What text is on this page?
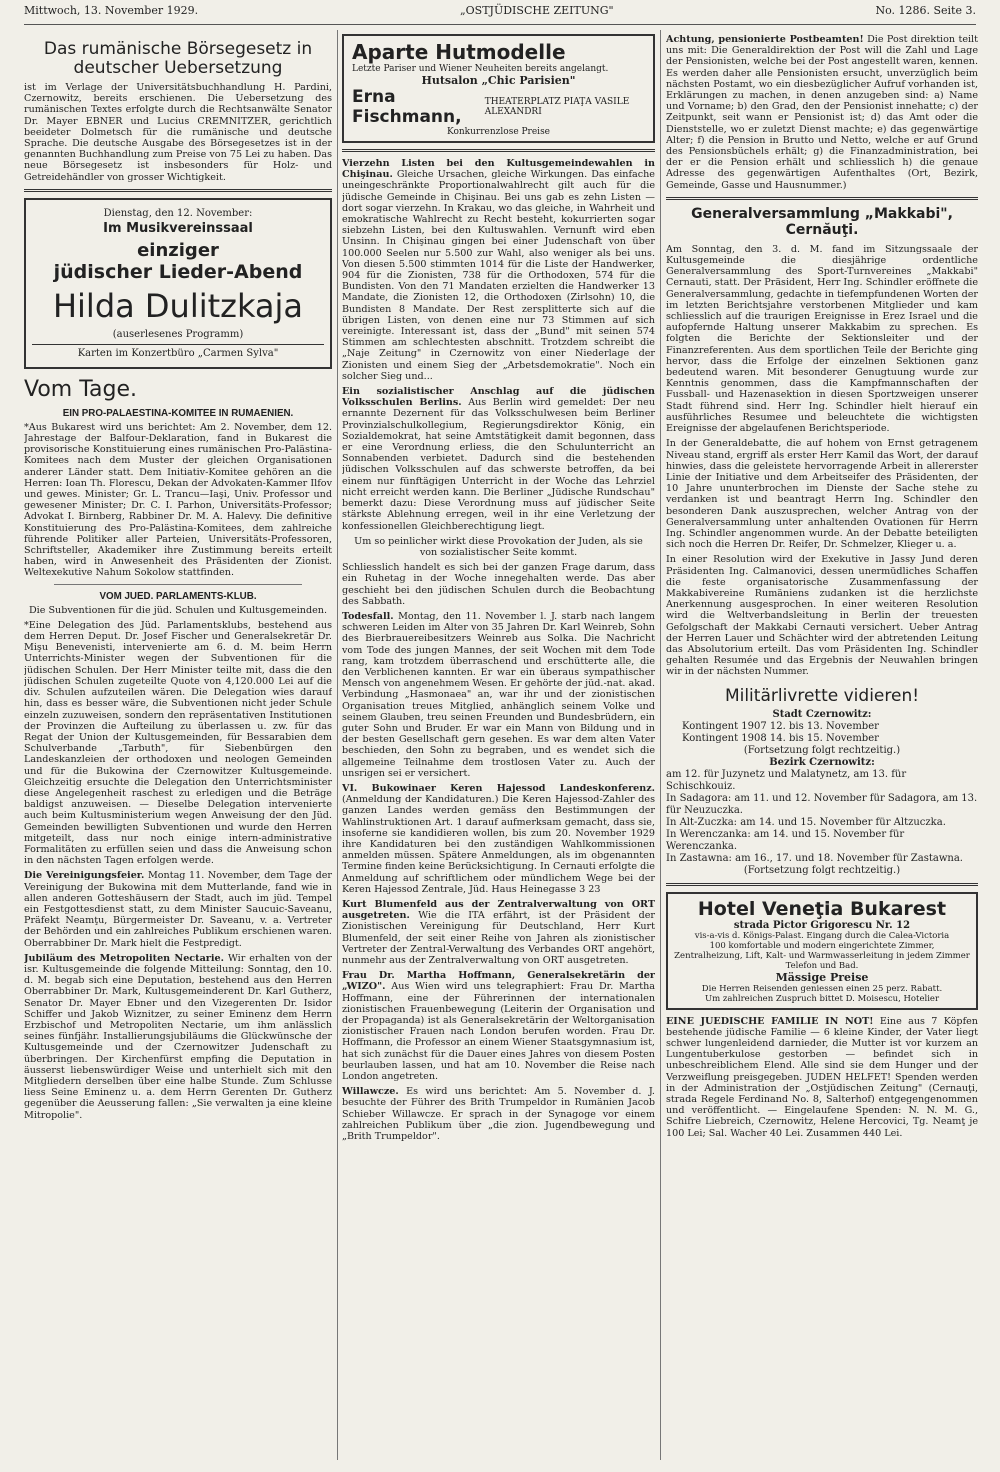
Mittwoch, 13. November 1929.	„OSTJÜDISCHE ZEITUNG"	No. 1286. Seite 3.
Das rumänische Börsegesetz in deutscher Uebersetzung

ist im Verlage der Universitätsbuchhandlung H. Pardini, Czernowitz, bereits erschienen. Die Uebersetzung des rumänischen Textes erfolgte durch die Rechtsanwälte Senator Dr. Mayer EBNER und Lucius CREMNITZER, gerichtlich beeideter Dolmetsch für die rumänische und deutsche Sprache. Die deutsche Ausgabe des Börsegesetzes ist in der genannten Buchhandlung zum Preise von 75 Lei zu haben. Das neue Börsegesetz ist insbesonders für Holz- und Getreidehändler von grosser Wichtigkeit.

Dienstag, den 12. November:
Im Musikvereinssaal
einziger
jüdischer Lieder-Abend
Hilda Dulitzkaja
(auserlesenes Programm)
Karten im Konzertbüro „Carmen Sylva"
Vom Tage.
EIN PRO-PALAESTINA-KOMITEE IN RUMAENIEN.

*Aus Bukarest wird uns berichtet: Am 2. November, dem 12. Jahrestage der Balfour-Deklaration, fand in Bukarest die provisorische Konstituierung eines rumänischen Pro-Palästina-Komitees nach dem Muster der gleichen Organisationen anderer Länder statt. Dem Initiativ-Komitee gehören an die Herren: Ioan Th. Florescu, Dekan der Advokaten-Kammer Ilfov und gewes. Minister; Gr. L. Trancu—Iaşi, Univ. Professor und gewesener Minister; Dr. C. I. Parhon, Universitäts-Professor; Advokat I. Birnberg, Rabbiner Dr. M. A. Halevy. Die definitive Konstituierung des Pro-Palästina-Komitees, dem zahlreiche führende Politiker aller Parteien, Universitäts-Professoren, Schriftsteller, Akademiker ihre Zustimmung bereits erteilt haben, wird in Anwesenheit des Präsidenten der Zionist. Weltexekutive Nahum Sokolow stattfinden.

VOM JUED. PARLAMENTS-KLUB.
Die Subventionen für die jüd. Schulen und Kultusgemeinden.

*Eine Delegation des Jüd. Parlamentsklubs, bestehend aus dem Herren Deput. Dr. Josef Fischer und Generalsekretär Dr. Mişu Benevenisti, intervenierte am 6. d. M. beim Herrn Unterrichts-Minister wegen der Subventionen für die jüdischen Schulen. Der Herr Minister teilte mit, dass die den jüdischen Schulen zugeteilte Quote von 4,120.000 Lei auf die div. Schulen aufzuteilen wären. Die Delegation wies darauf hin, dass es besser wäre, die Subventionen nicht jeder Schule einzeln zuzuweisen, sondern den repräsentativen Institutionen der Provinzen die Aufteilung zu überlassen u. zw. für das Regat der Union der Kultusgemeinden, für Bessarabien dem Schulverbande „Tarbuth", für Siebenbürgen den Landeskanzleien der orthodoxen und neologen Gemeinden und für die Bukowina der Czernowitzer Kultusgemeinde. Gleichzeitig ersuchte die Delegation den Unterrichtsminister diese Angelegenheit raschest zu erledigen und die Beträge baldigst anzuweisen. — Dieselbe Delegation intervenierte auch beim Kultusministerium wegen Anweisung der den Jüd. Gemeinden bewilligten Subventionen und wurde den Herren mitgeteilt, dass nur noch einige intern-administrative Formalitäten zu erfüllen seien und dass die Anweisung schon in den nächsten Tagen erfolgen werde.

Die Vereinigungsfeier. Montag 11. November, dem Tage der Vereinigung der Bukowina mit dem Mutterlande, fand wie in allen anderen Gotteshäusern der Stadt, auch im jüd. Tempel ein Festgottesdienst statt, zu dem Minister Saucuic-Saveanu, Präfekt Neamţu, Bürgermeister Dr. Saveanu, v. a. Vertreter der Behörden und ein zahlreiches Publikum erschienen waren. Oberrabbiner Dr. Mark hielt die Festpredigt.

Jubiläum des Metropoliten Nectarie. Wir erhalten von der isr. Kultusgemeinde die folgende Mitteilung: Sonntag, den 10. d. M. begab sich eine Deputation, bestehend aus den Herren Oberrabbiner Dr. Mark, Kultusgemeinderent Dr. Karl Gutherz, Senator Dr. Mayer Ebner und den Vizegerenten Dr. Isidor Schiffer und Jakob Wiznitzer, zu seiner Eminenz dem Herrn Erzbischof und Metropoliten Nectarie, um ihm anlässlich seines fünfjähr. Installierungsjubiläums die Glückwünsche der Kultusgemeinde und der Czernowitzer Judenschaft zu überbringen. Der Kirchenfürst empfing die Deputation in äusserst liebenswürdiger Weise und unterhielt sich mit den Mitgliedern derselben über eine halbe Stunde. Zum Schlusse liess Seine Eminenz u. a. dem Herrn Gerenten Dr. Gutherz gegenüber die Aeusserung fallen: „Sie verwalten ja eine kleine Mitropolie".

Aparte Hutmodelle
Letzte Pariser und Wiener Neuheiten bereits angelangt.
Hutsalon „Chic Parisien"
Erna Fischmann,
THEATERPLATZ PIAŢA VASILE ALEXANDRI
Konkurrenzlose Preise

Vierzehn Listen bei den Kultusgemeindewahlen in Chişinau. Gleiche Ursachen, gleiche Wirkungen. Das einfache uneingeschränkte Proportionalwahlrecht gilt auch für die jüdische Gemeinde in Chişinau. Bei uns gab es zehn Listen — dort sogar vierzehn. In Krakau, wo das gleiche, in Wahrheit und emokratische Wahlrecht zu Recht besteht, kokurrierten sogar siebzehn Listen, bei den Kultuswahlen. Vernunft wird eben Unsinn. In Chişinau gingen bei einer Judenschaft von über 100.000 Seelen nur 5.500 zur Wahl, also weniger als bei uns. Von diesen 5.500 stimmten 1014 für die Liste der Handwerker, 904 für die Zionisten, 738 für die Orthodoxen, 574 für die Bundisten. Von den 71 Mandaten erzielten die Handwerker 13 Mandate, die Zionisten 12, die Orthodoxen (Zirlsohn) 10, die Bundisten 8 Mandate. Der Rest zersplitterte sich auf die übrigen Listen, von denen eine nur 73 Stimmen auf sich vereinigte. Interessant ist, dass der „Bund" mit seinen 574 Stimmen am schlechtesten abschnitt. Trotzdem schreibt die „Naje Zeitung" in Czernowitz von einer Niederlage der Zionisten und einem Sieg der „Arbetsdemokratie". Noch ein solcher Sieg und...

Ein sozialistischer Anschlag auf die jüdischen Volksschulen Berlins. Aus Berlin wird gemeldet: Der neu ernannte Dezernent für das Volksschulwesen beim Berliner Provinzialschulkollegium, Regierungsdirektor König, ein Sozialdemokrat, hat seine Amtstätigkeit damit begonnen, dass er eine Verordnung erliess, die den Schulunterricht an Sonnabenden verbietet. Dadurch sind die bestehenden jüdischen Volksschulen auf das schwerste betroffen, da bei einem nur fünftägigen Unterricht in der Woche das Lehrziel nicht erreicht werden kann. Die Berliner „Jüdische Rundschau" bemerkt dazu: Diese Verordnung muss auf jüdischer Seite stärkste Ablehnung erregen, weil in ihr eine Verletzung der konfessionellen Gleichberechtigung liegt.

Um so peinlicher wirkt diese Provokation der Juden, als sie von sozialistischer Seite kommt.

Schliesslich handelt es sich bei der ganzen Frage darum, dass ein Ruhetag in der Woche innegehalten werde. Das aber geschieht bei den jüdischen Schulen durch die Beobachtung des Sabbath.

Todesfall. Montag, den 11. November l. J. starb nach langem schweren Leiden im Alter von 35 Jahren Dr. Karl Weinreb, Sohn des Bierbrauereibesitzers Weinreb aus Solka. Die Nachricht vom Tode des jungen Mannes, der seit Wochen mit dem Tode rang, kam trotzdem überraschend und erschütterte alle, die den Verblichenen kannten. Er war ein überaus sympathischer Mensch von angenehmem Wesen. Er gehörte der jüd.-nat. akad. Verbindung „Hasmonaea" an, war ihr und der zionistischen Organisation treues Mitglied, anhänglich seinem Volke und seinem Glauben, treu seinen Freunden und Bundesbrüdern, ein guter Sohn und Bruder. Er war ein Mann von Bildung und in der besten Gesellschaft gern gesehen. Es war dem alten Vater beschieden, den Sohn zu begraben, und es wendet sich die allgemeine Teilnahme dem trostlosen Vater zu. Auch der unsrigen sei er versichert.

VI. Bukowinaer Keren Hajessod Landeskonferenz. (Anmeldung der Kandidaturen.) Die Keren Hajessod-Zahler des ganzen Landes werden gemäss den Bestimmungen der Wahlinstruktionen Art. 1 darauf aufmerksam gemacht, dass sie, insoferne sie kandidieren wollen, bis zum 20. November 1929 ihre Kandidaturen bei den zuständigen Wahlkommissionen anmelden müssen. Spätere Anmeldungen, als im obgenannten Termine finden keine Berücksichtigung. In Cernauti erfolgte die Anmeldung auf schriftlichem oder mündlichem Wege bei der Keren Hajessod Zentrale, Jüd. Haus Heinegasse 3 23

Kurt Blumenfeld aus der Zentralverwaltung von ORT ausgetreten. Wie die ITA erfährt, ist der Präsident der Zionistischen Vereinigung für Deutschland, Herr Kurt Blumenfeld, der seit einer Reihe von Jahren als zionistischer Vertreter der Zentral-Verwaltung des Verbandes ORT angehört, nunmehr aus der Zentralverwaltung von ORT ausgetreten.

Frau Dr. Martha Hoffmann, Generalsekretärin der „WIZO". Aus Wien wird uns telegraphiert: Frau Dr. Martha Hoffmann, eine der Führerinnen der internationalen zionistischen Frauenbewegung (Leiterin der Organisation und der Propaganda) ist als Generalsekretärin der Weltorganisation zionistischer Frauen nach London berufen worden. Frau Dr. Hoffmann, die Professor an einem Wiener Staatsgymnasium ist, hat sich zunächst für die Dauer eines Jahres von diesem Posten beurlauben lassen, und hat am 10. November die Reise nach London angetreten.

Willawcze. Es wird uns berichtet: Am 5. November d. J. besuchte der Führer des Brith Trumpeldor in Rumänien Jacob Schieber Willawcze. Er sprach in der Synagoge vor einem zahlreichen Publikum über „die zion. Jugendbewegung und „Brith Trumpeldor".

Achtung, pensionierte Postbeamten! Die Post direktion teilt uns mit: Die Generaldirektion der Post will die Zahl und Lage der Pensionisten, welche bei der Post angestellt waren, kennen. Es werden daher alle Pensionisten ersucht, unverzüglich beim nächsten Postamt, wo ein diesbezüglicher Aufruf vorhanden ist, Erklärungen zu machen, in denen anzugeben sind: a) Name und Vorname; b) den Grad, den der Pensionist innehatte; c) der Zeitpunkt, seit wann er Pensionist ist; d) das Amt oder die Dienststelle, wo er zuletzt Dienst machte; e) das gegenwärtige Alter; f) die Pension in Brutto und Netto, welche er auf Grund des Pensionsbüchels erhält; g) die Finanzadministration, bei der er die Pension erhält und schliesslich h) die genaue Adresse des gegenwärtigen Aufenthaltes (Ort, Bezirk, Gemeinde, Gasse und Hausnummer.)

Generalversammlung „Makkabi", Cernăuţi.

Am Sonntag, den 3. d. M. fand im Sitzungssaale der Kultusgemeinde die diesjährige ordentliche Generalversammlung des Sport-Turnvereines „Makkabi" Cernauti, statt. Der Präsident, Herr Ing. Schindler eröffnete die Generalversammlung, gedachte in tiefempfundenen Worten der im letzten Berichtsjahre verstorbenen Mitglieder und kam schliesslich auf die traurigen Ereignisse in Erez Israel und die aufopfernde Haltung unserer Makkabim zu sprechen. Es folgten die Berichte der Sektionsleiter und der Finanzreferenten. Aus dem sportlichen Teile der Berichte ging hervor, dass die Erfolge der einzelnen Sektionen ganz bedeutend waren. Mit besonderer Genugtuung wurde zur Kenntnis genommen, dass die Kampfmannschaften der Fussball- und Hazenasektion in diesen Sportzweigen unserer Stadt führend sind. Herr Ing. Schindler hielt hierauf ein ausführliches Resumee und beleuchtete die wichtigsten Ereignisse der abgelaufenen Berichtsperiode.

In der Generaldebatte, die auf hohem von Ernst getragenem Niveau stand, ergriff als erster Herr Kamil das Wort, der darauf hinwies, dass die geleistete hervorragende Arbeit in allererster Linie der Initiative und dem Arbeitseifer des Präsidenten, der 10 Jahre ununterbrochen im Dienste der Sache stehe zu verdanken ist und beantragt Herrn Ing. Schindler den besonderen Dank auszusprechen, welcher Antrag von der Generalversammlung unter anhaltenden Ovationen für Herrn Ing. Schindler angenommen wurde. An der Debatte beteiligten sich noch die Herren Dr. Reifer, Dr. Schmelzer, Klieger u. a.

In einer Resolution wird der Exekutive in Jassy Jund deren Präsidenten Ing. Calmanovici, dessen unermüdliches Schaffen die feste organisatorische Zusammenfassung der Makkabivereine Rumäniens zudanken ist die herzlichste Anerkennung ausgesprochen. In einer weiteren Resolution wird die Weltverbandsleitung in Berlin der treuesten Gefolgschaft der Makkabi Cernauti versichert. Ueber Antrag der Herren Lauer und Schächter wird der abtretenden Leitung das Absolutorium erteilt. Das vom Präsidenten Ing. Schindler gehalten Resumée und das Ergebnis der Neuwahlen bringen wir in der nächsten Nummer.

Militärlivrette vidieren!
Stadt Czernowitz:
Kontingent 1907 12. bis 13. November
Kontingent 1908 14. bis 15. November
(Fortsetzung folgt rechtzeitig.)
Bezirk Czernowitz:
am 12. für Juzynetz und Malatynetz, am 13. für Schischkouiz.
In Sadagora: am 11. und 12. November für Sadagora, am 13. für Neuzuczka.
In Alt-Zuczka: am 14. und 15. November für Altzuczka.
In Werenczanka: am 14. und 15. November für Werenczanka.
In Zastawna: am 16., 17. und 18. November für Zastawna.
(Fortsetzung folgt rechtzeitig.)
Hotel Veneţia Bukarest
strada Pictor Grigorescu Nr. 12
vis-a-vis d. Königs-Palast. Eingang durch die Calea-Victoria
100 komfortable und modern eingerichtete Zimmer, Zentralheizung, Lift, Kalt- und Warmwasserleitung in jedem Zimmer Telefon und Bad.
Mässige Preise
Die Herren Reisenden geniessen einen 25 perz. Rabatt.
Um zahlreichen Zuspruch bittet D. Moisescu, Hotelier

EINE JUEDISCHE FAMILIE IN NOT! Eine aus 7 Köpfen bestehende jüdische Familie — 6 kleine Kinder, der Vater liegt schwer lungenleidend darnieder, die Mutter ist vor kurzem an Lungentuberkulose gestorben — befindet sich in unbeschreiblichem Elend. Alle sind sie dem Hunger und der Verzweiflung preisgegeben. JUDEN HELFET! Spenden werden in der Administration der „Ostjüdischen Zeitung" (Cernauţi, strada Regele Ferdinand No. 8, Salterhof) entgegengenommen und veröffentlicht. — Eingelaufene Spenden: N. N. M. G., Schifre Liebreich, Czernowitz, Helene Hercovici, Tg. Neamţ je 100 Lei; Sal. Wacher 40 Lei. Zusammen 440 Lei.
